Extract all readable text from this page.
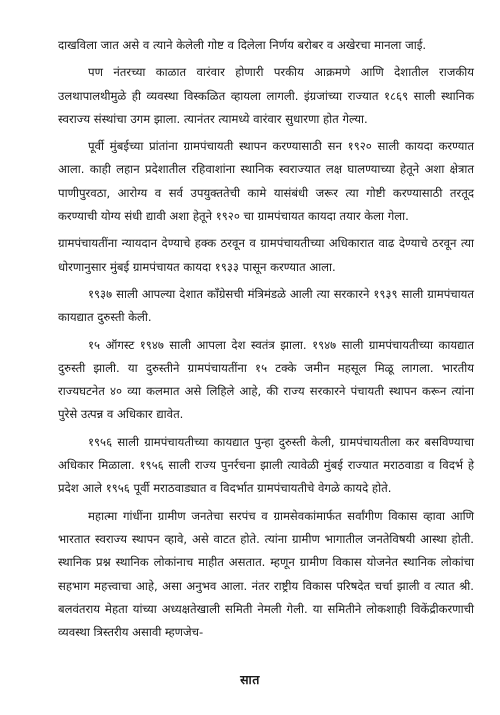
दाखविला जात असे व त्याने केलेली गोष्ट व दिलेला निर्णय बरोबर व अखेरचा मानला जाई.

पण नंतरच्या काळात वारंवार होणारी परकीय आक्रमणे आणि देशातील राजकीय उलथापालथीमुळे ही व्यवस्था विस्कळित व्हायला लागली. इंग्रजांच्या राज्यात १८६९ साली स्थानिक स्वराज्य संस्थांचा उगम झाला. त्यानंतर त्यामध्ये वारंवार सुधारणा होत गेल्या.

पूर्वी मुंबईच्या प्रांतांना ग्रामपंचायती स्थापन करण्यासाठी सन १९२० साली कायदा करण्यात आला. काही लहान प्रदेशातील रहिवाशांना स्थानिक स्वराज्यात लक्ष घालण्याच्या हेतूने अशा क्षेत्रात पाणीपुरवठा, आरोग्य व सर्व उपयुक्ततेची कामे यासंबंधी जरूर त्या गोष्टी करण्यासाठी तरतूद करण्याची योग्य संधी द्यावी अशा हेतूने १९२० चा ग्रामपंचायत कायदा तयार केला गेला.

ग्रामपंचायतींना न्यायदान देण्याचे हक्क ठरवून व ग्रामपंचायतीच्या अधिकारात वाढ देण्याचे ठरवून त्या धोरणानुसार मुंबई ग्रामपंचायत कायदा १९३३ पासून करण्यात आला.

१९३७ साली आपल्या देशात काँग्रेसची मंत्रिमंडळे आली त्या सरकारने १९३९ साली ग्रामपंचायत कायद्यात दुरुस्ती केली.

१५ ऑगस्ट १९४७ साली आपला देश स्वतंत्र झाला. १९४७ साली ग्रामपंचायतीच्या कायद्यात दुरुस्ती झाली. या दुरुस्तीने ग्रामपंचायतींना १५ टक्के जमीन महसूल मिळू लागला. भारतीय राज्यघटनेत ४० व्या कलमात असे लिहिले आहे, की राज्य सरकारने पंचायती स्थापन करून त्यांना पुरेसे उत्पन्न व अधिकार द्यावेत.

१९५६ साली ग्रामपंचायतीच्या कायद्यात पुन्हा दुरुस्ती केली, ग्रामपंचायतीला कर बसविण्याचा अधिकार मिळाला. १९५६ साली राज्य पुनर्रचना झाली त्यावेळी मुंबई राज्यात मराठवाडा व विदर्भ हे प्रदेश आले १९५६ पूर्वी मराठवाड्यात व विदर्भात ग्रामपंचायतीचे वेगळे कायदे होते.

महात्मा गांधींना ग्रामीण जनतेचा सरपंच व ग्रामसेवकांमार्फत सर्वांगीण विकास व्हावा आणि भारतात स्वराज्य स्थापन व्हावे, असे वाटत होते. त्यांना ग्रामीण भागातील जनतेविषयी आस्था होती. स्थानिक प्रश्न स्थानिक लोकांनाच माहीत असतात. म्हणून ग्रामीण विकास योजनेत स्थानिक लोकांचा सहभाग महत्त्वाचा आहे, असा अनुभव आला. नंतर राष्ट्रीय विकास परिषदेत चर्चा झाली व त्यात श्री. बलवंतराय मेहता यांच्या अध्यक्षतेखाली समिती नेमली गेली. या समितीने लोकशाही विकेंद्रीकरणाची व्यवस्था त्रिस्तरीय असावी म्हणजेच-

सात
